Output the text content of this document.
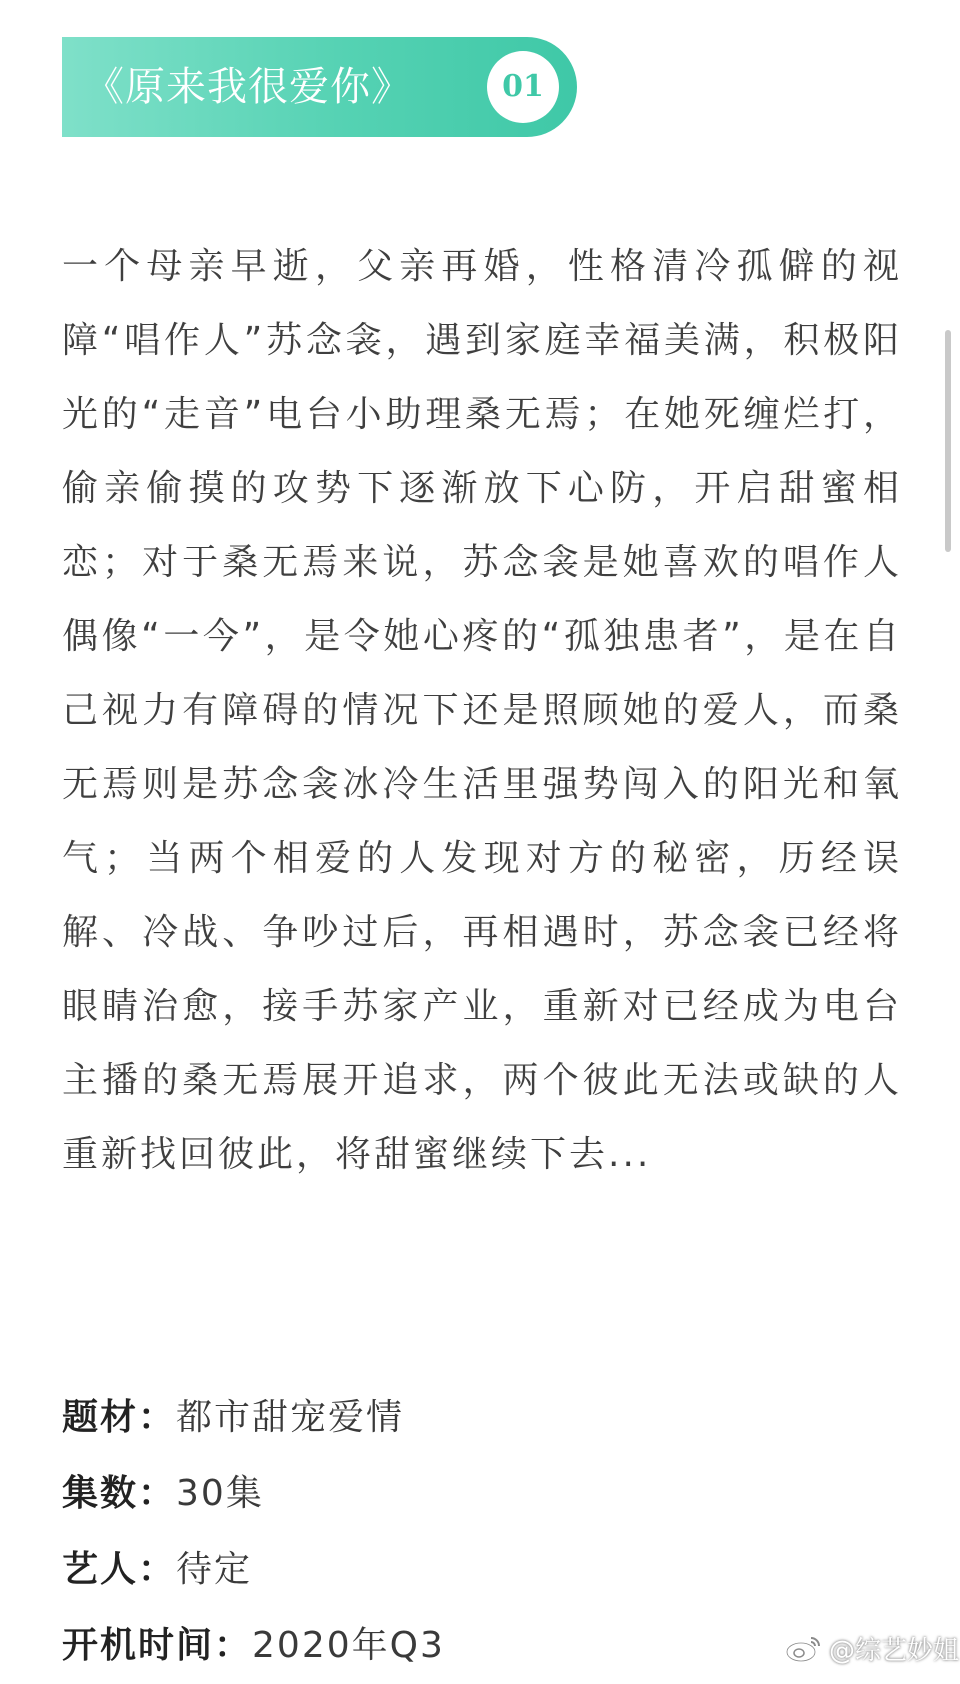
《原来我很爱你》	01

一个母亲早逝，父亲再婚，性格清冷孤僻的视障“唱作人”苏念衾，遇到家庭幸福美满，积极阳光的“走音”电台小助理桑无焉；在她死缠烂打，偷亲偷摸的攻势下逐渐放下心防，开启甜蜜相恋；对于桑无焉来说，苏念衾是她喜欢的唱作人偶像“一今”，是令她心疼的“孤独患者”，是在自己视力有障碍的情况下还是照顾她的爱人，而桑无焉则是苏念衾冰冷生活里强势闯入的阳光和氧气；当两个相爱的人发现对方的秘密，历经误解、冷战、争吵过后，再相遇时，苏念衾已经将眼睛治愈，接手苏家产业，重新对已经成为电台主播的桑无焉展开追求，两个彼此无法或缺的人重新找回彼此，将甜蜜继续下去...

题材：都市甜宠爱情
集数：30集
艺人：待定
开机时间：2020年Q3	@综艺妙姐
